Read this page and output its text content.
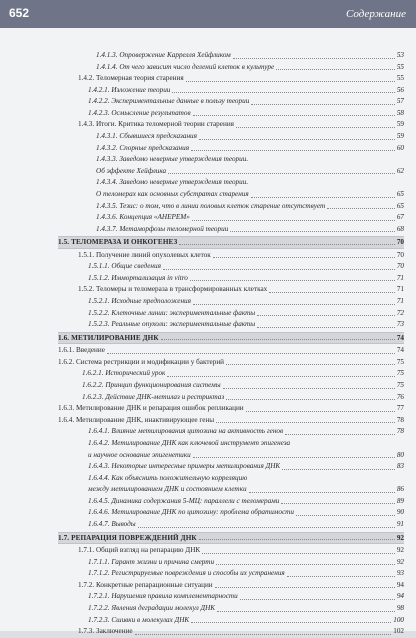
652	Содержание
1.4.1.3. Опровержение Каррелля Хейфликом	53
1.4.1.4. От чего зависит число делений клеток в культуре	55
1.4.2. Теломерная теория старения	55
1.4.2.1. Изложение теории	56
1.4.2.2. Экспериментальные данные в пользу теории	57
1.4.2.3. Осмысление результатов	58
1.4.3. Итоги. Критика теломерной теории старения	59
1.4.3.1. Сбывшиеся предсказания	59
1.4.3.2. Спорные предсказания	60
1.4.3.3. Заведомо неверные утверждения теории.
Об эффекте Хейфлика	62
1.4.3.4. Заведомо неверные утверждения теории.
О теломерах как основных субстратах старения	65
1.4.3.5. Тезис: о том, что в линии половых клеток старение отсутствует	65
1.4.3.6. Концепция «АНЕРЕМ»	67
1.4.3.7. Метаморфозы теломерной теории	68
1.5. ТЕЛОМЕРАЗА И ОНКОГЕНЕЗ	70
1.5.1. Получение линий опухолевых клеток	70
1.5.1.1. Общие сведения	70
1.5.1.2. Иммортализация in vitro	71
1.5.2. Теломеры и теломераза в трансформированных клетках	71
1.5.2.1. Исходные предположения	71
1.5.2.2. Клеточные линии: экспериментальные факты	72
1.5.2.3. Реальные опухоли: экспериментальные факты	73
1.6. МЕТИЛИРОВАНИЕ ДНК	74
1.6.1. Введение	74
1.6.2. Система рестрикции и модификации у бактерий	75
1.6.2.1. Исторический урок	75
1.6.2.2. Принцип функционирования системы	75
1.6.2.3. Действие ДНК-метилаз и рестриктаз	76
1.6.3. Метилирование ДНК и репарация ошибок репликации	77
1.6.4. Метилирование ДНК, инактивирующее гены	78
1.6.4.1. Влияние метилирования цитозина на активность генов	78
1.6.4.2. Метилирование ДНК как ключевой инструмент эпигенеза
и научное основание эпигенетики	80
1.6.4.3. Некоторые интересные примеры метилирования ДНК	83
1.6.4.4. Как объяснить положительную корреляцию
между метилированием ДНК и состоянием клетки	86
1.6.4.5. Динамика содержания 5-МЦ: параллели с теломерами	89
1.6.4.6. Метилирование ДНК по цитозину: проблема обратимости	90
1.6.4.7. Выводы	91
1.7. РЕПАРАЦИЯ ПОВРЕЖДЕНИЙ ДНК	92
1.7.1. Общий взгляд на репарацию ДНК	92
1.7.1.1. Гарант жизни и причина смерти	92
1.7.1.2. Регистрируемые повреждения и способы их устранения	93
1.7.2. Конкретные репарационные ситуации	94
1.7.2.1. Нарушения правила комплементарности	94
1.7.2.2. Явления деградации молекул ДНК	98
1.7.2.3. Сшивки в молекулах ДНК	100
1.7.3. Заключение	102
